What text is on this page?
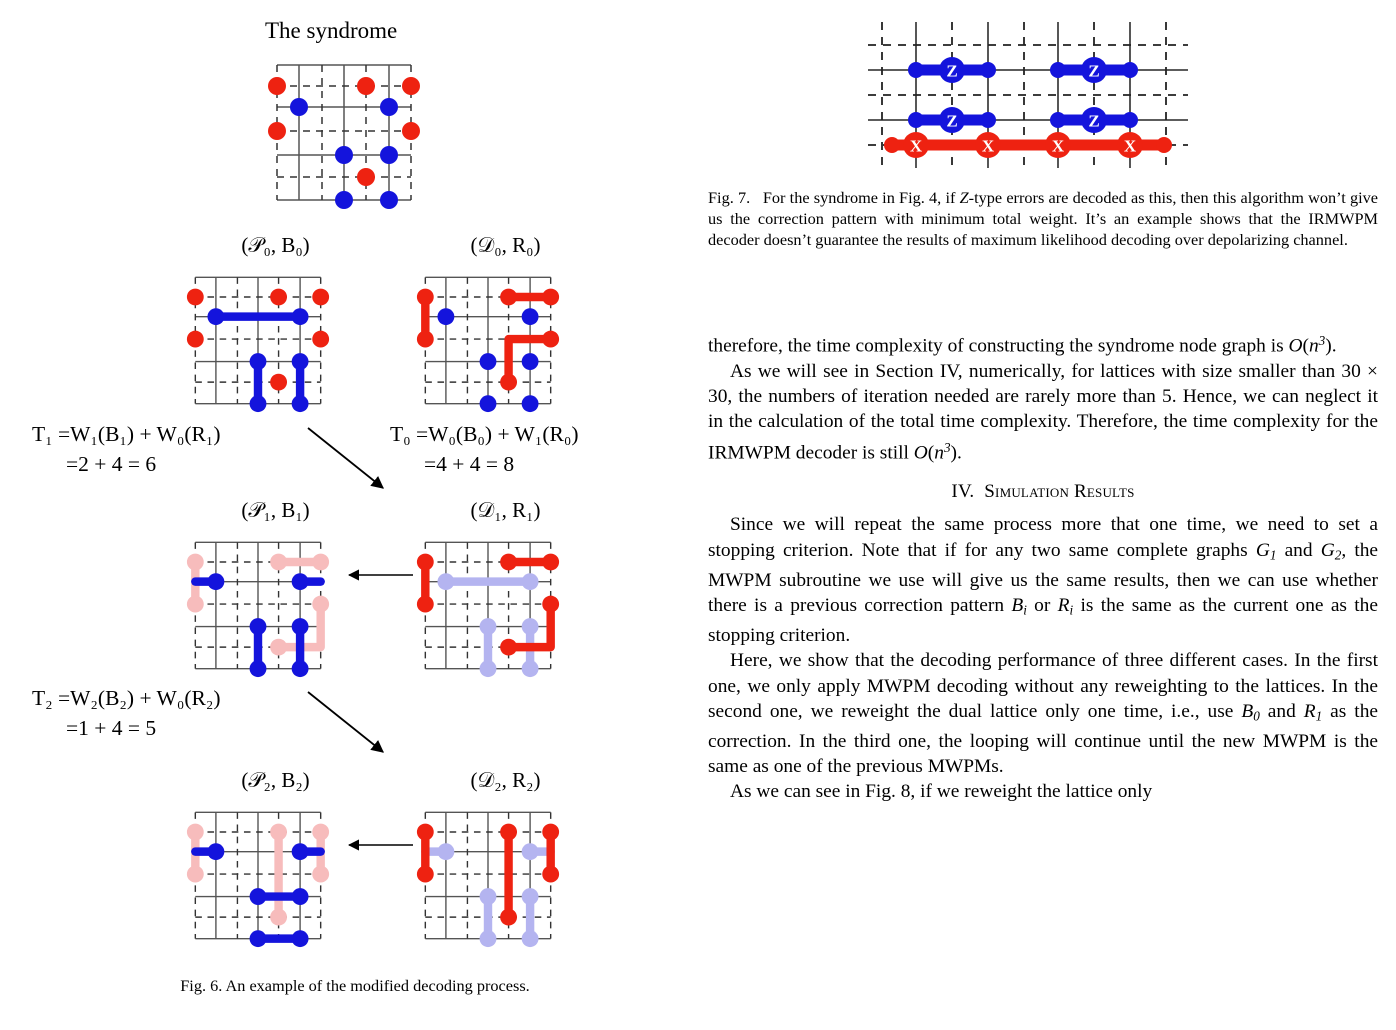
The syndrome
(𝒫₀, B₀)	(𝒟₀, R₀)
T₁ =W₁(B₁) + W₀(R₁)
=2 + 4 = 6
T₀ =W₀(B₀) + W₁(R₀)
=4 + 4 = 8
(𝒫₁, B₁)	(𝒟₁, R₁)
T₂ =W₂(B₂) + W₀(R₂)
=1 + 4 = 5
(𝒫₂, B₂)	(𝒟₂, R₂)
Fig. 6. An example of the modified decoding process.
Z	Z
Z	Z
X	X	X	X
Fig. 7. For the syndrome in Fig. 4, if Z-type errors are decoded as this, then this algorithm won’t give us the correction pattern with minimum total weight. It’s an example shows that the IRMWPM decoder doesn’t guarantee the results of maximum likelihood decoding over depolarizing channel.

therefore, the time complexity of constructing the syndrome node graph is $O(n^3)$.

As we will see in Section IV, numerically, for lattices with size smaller than 30 × 30, the numbers of iteration needed are rarely more than 5. Hence, we can neglect it in the calculation of the total time complexity. Therefore, the time complexity for the IRMWPM decoder is still $O(n^3)$.

IV. Simulation Results

Since we will repeat the same process more that one time, we need to set a stopping criterion. Note that if for any two same complete graphs $G_1$ and $G_2$, the MWPM subroutine we use will give us the same results, then we can use whether there is a previous correction pattern $B_i$ or $R_i$ is the same as the current one as the stopping criterion.

Here, we show that the decoding performance of three different cases. In the first one, we only apply MWPM decoding without any reweighting to the lattices. In the second one, we reweight the dual lattice only one time, i.e., use $B_0$ and $R_1$ as the correction. In the third one, the looping will continue until the new MWPM is the same as one of the previous MWPMs.

As we can see in Fig. 8, if we reweight the lattice only
